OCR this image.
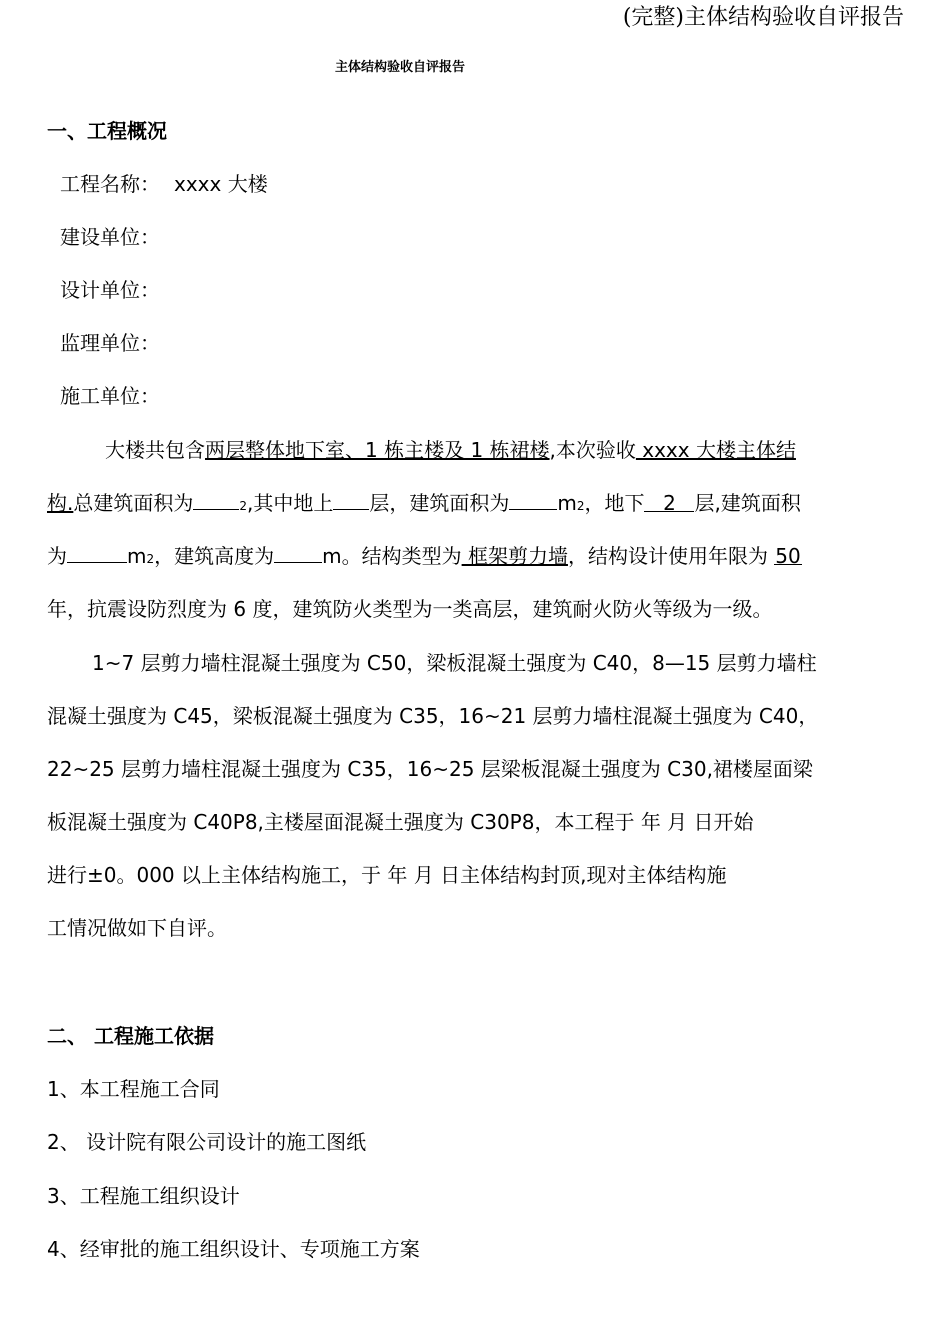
(完整)主体结构验收自评报告
主体结构验收自评报告
一、工程概况
工程名称： xxxx 大楼
建设单位：
设计单位：
监理单位：
施工单位：
大楼共包含两层整体地下室、1 栋主楼及 1 栋裙楼,本次验收 xxxx 大楼主体结
构.总建筑面积为	2,其中地上 层，建筑面积为 m2，地下 2 层,建筑面积
为	m2，建筑高度为 m。结构类型为 框架剪力墙，结构设计使用年限为 50
年，抗震设防烈度为 6 度，建筑防火类型为一类高层，建筑耐火防火等级为一级。
1~7 层剪力墙柱混凝土强度为 C50，梁板混凝土强度为 C40，8—15 层剪力墙柱
混凝土强度为 C45，梁板混凝土强度为 C35，16~21 层剪力墙柱混凝土强度为 C40，
22~25 层剪力墙柱混凝土强度为 C35，16~25 层梁板混凝土强度为 C30,裙楼屋面梁
板混凝土强度为 C40P8,主楼屋面混凝土强度为 C30P8，本工程于 年 月 日开始
进行±0。000 以上主体结构施工，于 年 月 日主体结构封顶,现对主体结构施
工情况做如下自评。
二、 工程施工依据
1、本工程施工合同
2、 设计院有限公司设计的施工图纸
3、工程施工组织设计
4、经审批的施工组织设计、专项施工方案
